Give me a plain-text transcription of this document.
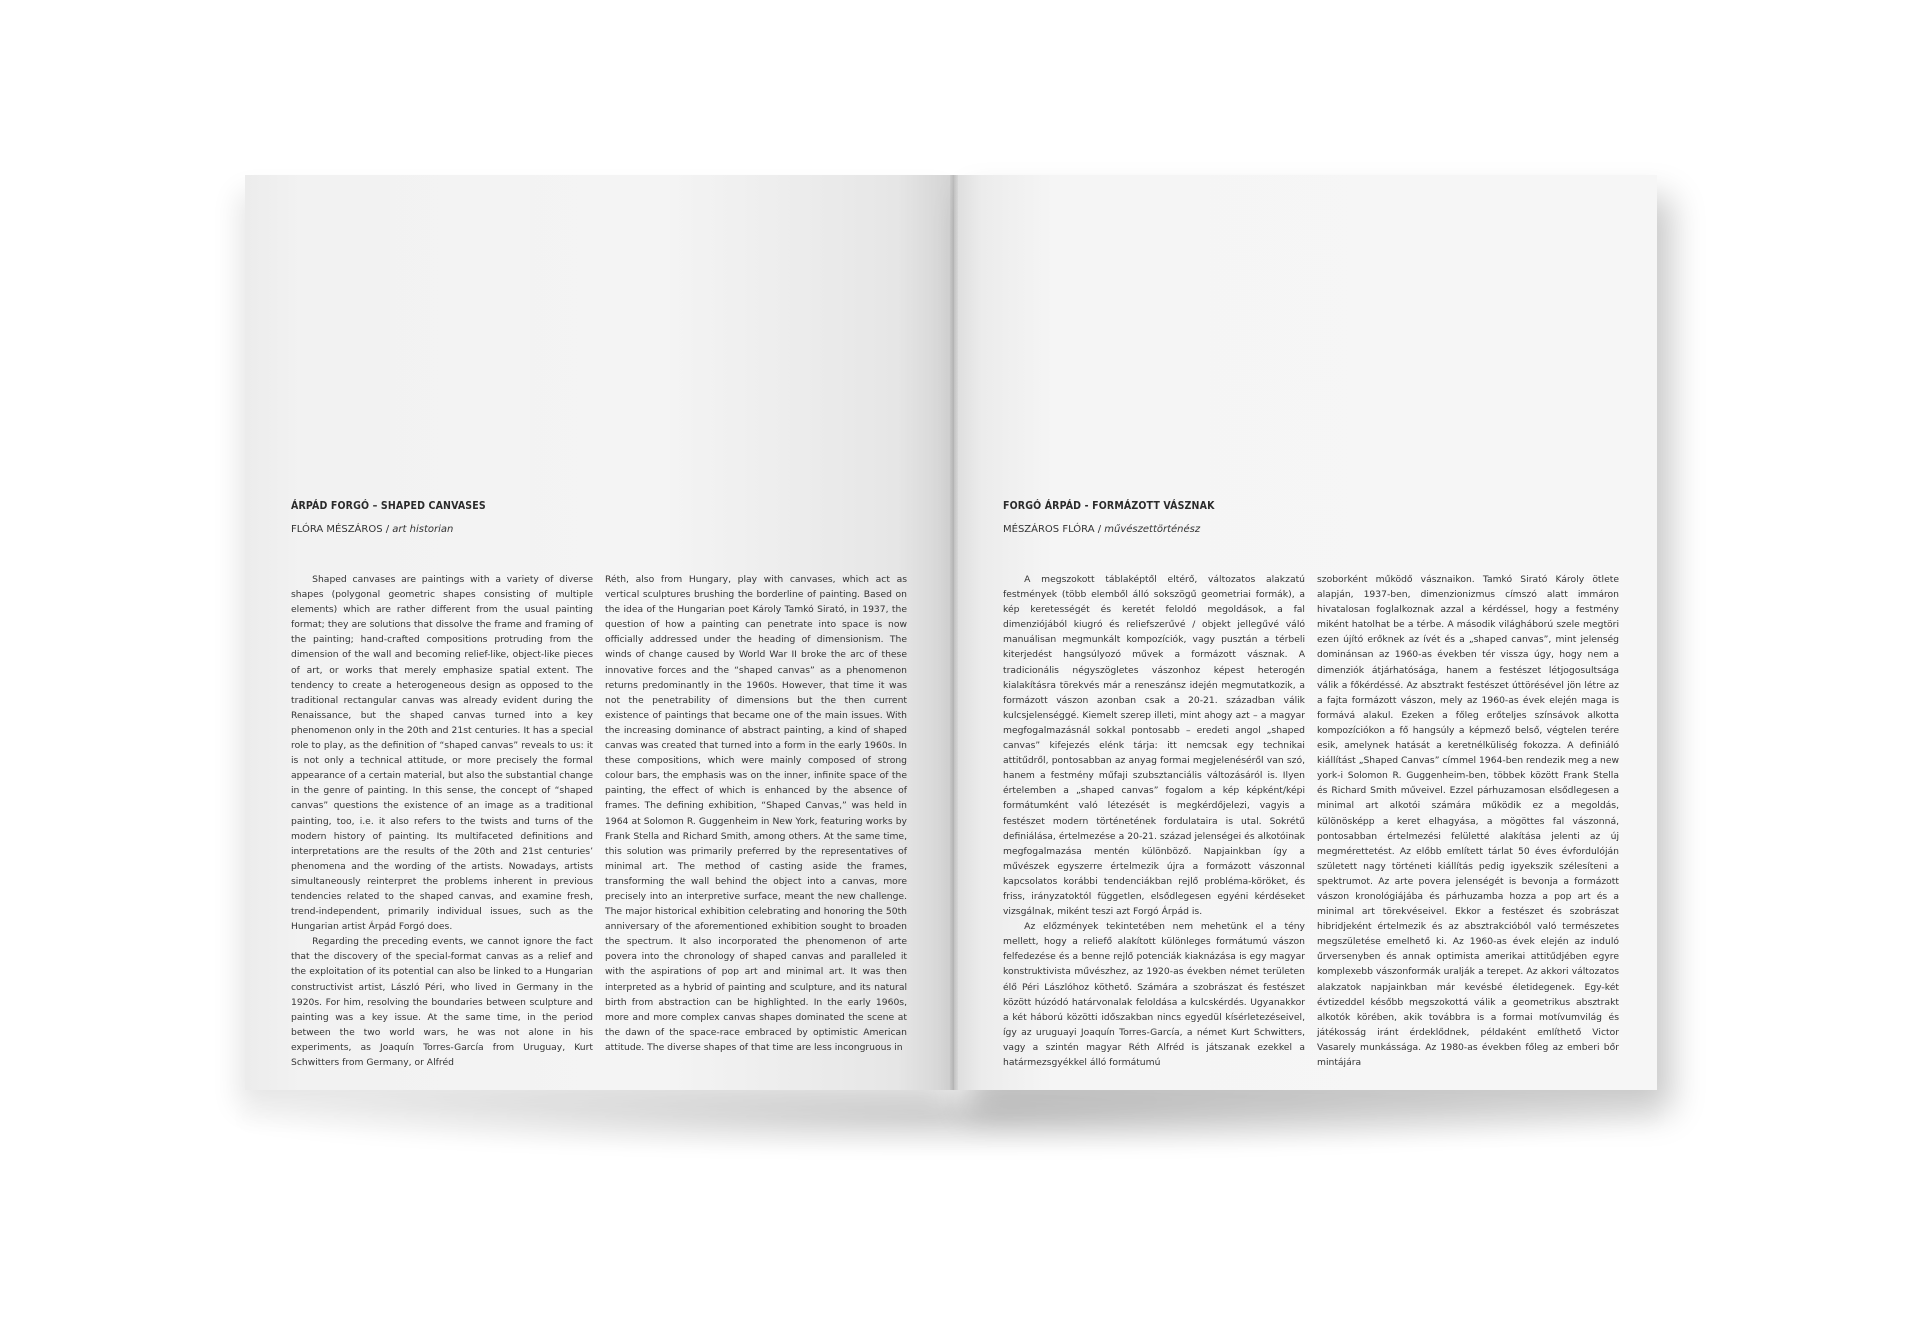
ÁRPÁD FORGÓ – SHAPED CANVASES
FLÓRA MÉSZÁROS / art historian

Shaped canvases are paintings with a variety of diverse shapes (polygonal geometric shapes consisting of multiple elements) which are rather different from the usual painting format; they are solutions that dissolve the frame and framing of the painting; hand-crafted compositions protruding from the dimension of the wall and becoming relief-like, object-like pieces of art, or works that merely emphasize spatial extent. The tendency to create a heterogeneous design as opposed to the traditional rectangular canvas was already evident during the Renaissance, but the shaped canvas turned into a key phenomenon only in the 20th and 21st centuries. It has a special role to play, as the definition of “shaped canvas” reveals to us: it is not only a technical attitude, or more precisely the formal appearance of a certain material, but also the substantial change in the genre of painting. In this sense, the concept of “shaped canvas” questions the existence of an image as a traditional painting, too, i.e. it also refers to the twists and turns of the modern history of painting. Its multifaceted definitions and interpretations are the results of the 20th and 21st centuries’ phenomena and the wording of the artists. Nowadays, artists simultaneously reinterpret the problems inherent in previous tendencies related to the shaped canvas, and examine fresh, trend-independent, primarily individual issues, such as the Hungarian artist Árpád Forgó does.

Regarding the preceding events, we cannot ignore the fact that the discovery of the special-format canvas as a relief and the exploitation of its potential can also be linked to a Hungarian constructivist artist, László Péri, who lived in Germany in the 1920s. For him, resolving the boundaries between sculpture and painting was a key issue. At the same time, in the period between the two world wars, he was not alone in his experiments, as Joaquín Torres-García from Uruguay, Kurt Schwitters from Germany, or Alfréd

Réth, also from Hungary, play with canvases, which act as vertical sculptures brushing the borderline of painting. Based on the idea of the Hungarian poet Károly Tamkó Sirató, in 1937, the question of how a painting can penetrate into space is now officially addressed under the heading of dimensionism. The winds of change caused by World War II broke the arc of these innovative forces and the “shaped canvas” as a phenomenon returns predominantly in the 1960s. However, that time it was not the penetrability of dimensions but the then current existence of paintings that became one of the main issues. With the increasing dominance of abstract painting, a kind of shaped canvas was created that turned into a form in the early 1960s. In these compositions, which were mainly composed of strong colour bars, the emphasis was on the inner, infinite space of the painting, the effect of which is enhanced by the absence of frames. The defining exhibition, “Shaped Canvas,” was held in 1964 at Solomon R. Guggenheim in New York, featuring works by Frank Stella and Richard Smith, among others. At the same time, this solution was primarily preferred by the representatives of minimal art. The method of casting aside the frames, transforming the wall behind the object into a canvas, more precisely into an interpretive surface, meant the new challenge. The major historical exhibition celebrating and honoring the 50th anniversary of the aforementioned exhibition sought to broaden the spectrum. It also incorporated the phenomenon of arte povera into the chronology of shaped canvas and paralleled it with the aspirations of pop art and minimal art. It was then interpreted as a hybrid of painting and sculpture, and its natural birth from abstraction can be highlighted. In the early 1960s, more and more complex canvas shapes dominated the scene at the dawn of the space-race embraced by optimistic American attitude. The diverse shapes of that time are less incongruous in

FORGÓ ÁRPÁD - FORMÁZOTT VÁSZNAK
MÉSZÁROS FLÓRA / művészettörténész

A megszokott táblaképtől eltérő, változatos alakzatú festmények (több elemből álló sokszögű geometriai formák), a kép keretességét és keretét feloldó megoldások, a fal dimenziójából kiugró és reliefszerűvé / objekt jellegűvé váló manuálisan megmunkált kompozíciók, vagy pusztán a térbeli kiterjedést hangsúlyozó művek a formázott vásznak. A tradicionális négyszögletes vászonhoz képest heterogén kialakításra törekvés már a reneszánsz idején megmutatkozik, a formázott vászon azonban csak a 20-21. században válik kulcsjelenséggé. Kiemelt szerep illeti, mint ahogy azt – a magyar megfogalmazásnál sokkal pontosabb – eredeti angol „shaped canvas” kifejezés elénk tárja: itt nemcsak egy technikai attitűdről, pontosabban az anyag formai megjelenéséről van szó, hanem a festmény műfaji szubsztanciális változásáról is. Ilyen értelemben a „shaped canvas” fogalom a kép képként/képi formátumként való létezését is megkérdőjelezi, vagyis a festészet modern történetének fordulataira is utal. Sokrétű definiálása, értelmezése a 20-21. század jelenségei és alkotóinak megfogalmazása mentén különböző. Napjainkban így a művészek egyszerre értelmezik újra a formázott vászonnal kapcsolatos korábbi tendenciákban rejlő probléma-köröket, és friss, irányzatoktól független, elsődlegesen egyéni kérdéseket vizsgálnak, miként teszi azt Forgó Árpád is.

Az előzmények tekintetében nem mehetünk el a tény mellett, hogy a reliefő alakított különleges formátumú vászon felfedezése és a benne rejlő potenciák kiaknázása is egy magyar konstruktivista művészhez, az 1920-as években német területen élő Péri Lászlóhoz köthető. Számára a szobrászat és festészet között húzódó határvonalak feloldása a kulcskérdés. Ugyanakkor a két háború közötti időszakban nincs egyedül kísérletezéseivel, így az uruguayi Joaquín Torres-García, a német Kurt Schwitters, vagy a szintén magyar Réth Alfréd is játszanak ezekkel a határmezsgyékkel álló formátumú

szoborként működő vásznaikon. Tamkó Sirató Károly ötlete alapján, 1937-ben, dimenzionizmus címszó alatt immáron hivatalosan foglalkoznak azzal a kérdéssel, hogy a festmény miként hatolhat be a térbe. A második világháború szele megtöri ezen újító erőknek az ívét és a „shaped canvas”, mint jelenség dominánsan az 1960-as években tér vissza úgy, hogy nem a dimenziók átjárhatósága, hanem a festészet létjogosultsága válik a főkérdéssé. Az absztrakt festészet úttörésével jön létre az a fajta formázott vászon, mely az 1960-as évek elején maga is formává alakul. Ezeken a főleg erőteljes színsávok alkotta kompozíciókon a fő hangsúly a képmező belső, végtelen terére esik, amelynek hatását a keretnélküliség fokozza. A definiáló kiállítást „Shaped Canvas” címmel 1964-ben rendezik meg a new york-i Solomon R. Guggenheim-ben, többek között Frank Stella és Richard Smith műveivel. Ezzel párhuzamosan elsődlegesen a minimal art alkotói számára működik ez a megoldás, különösképp a keret elhagyása, a mögöttes fal vászonná, pontosabban értelmezési felületté alakítása jelenti az új megmérettetést. Az előbb említett tárlat 50 éves évfordulóján született nagy történeti kiállítás pedig igyekszik szélesíteni a spektrumot. Az arte povera jelenségét is bevonja a formázott vászon kronológiájába és párhuzamba hozza a pop art és a minimal art törekvéseivel. Ekkor a festészet és szobrászat hibridjeként értelmezik és az absztrakcióból való természetes megszületése emelhető ki. Az 1960-as évek elején az induló űrversenyben és annak optimista amerikai attitűdjében egyre komplexebb vászonformák uralják a terepet. Az akkori változatos alakzatok napjainkban már kevésbé életidegenek. Egy-két évtizeddel később megszokottá válik a geometrikus absztrakt alkotók körében, akik továbbra is a formai motívumvilág és játékosság iránt érdeklődnek, példaként említhető Victor Vasarely munkássága. Az 1980-as években főleg az emberi bőr mintájára
